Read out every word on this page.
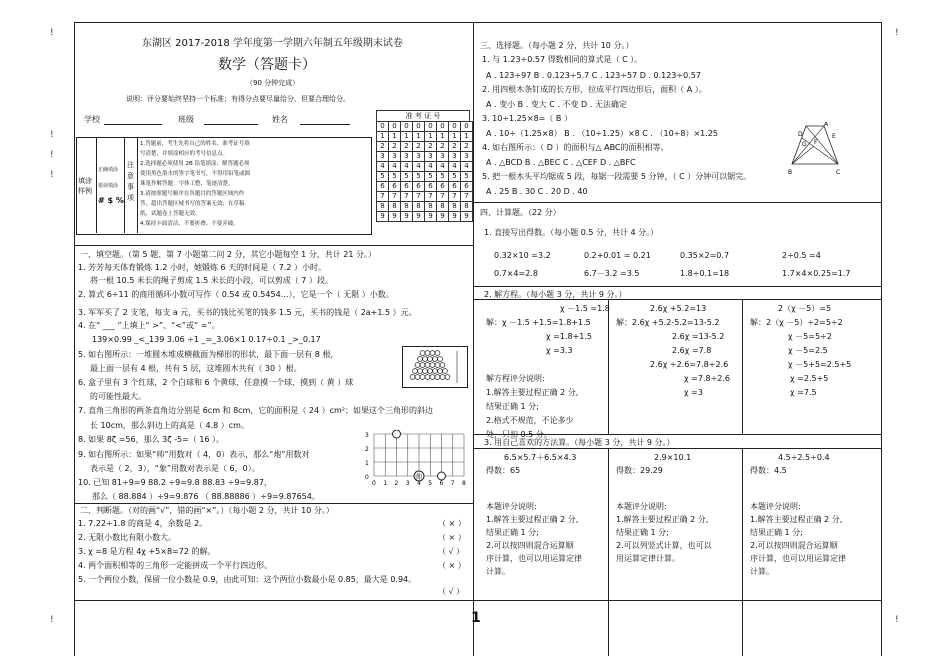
!
!
!
!
!
!
!
东湖区 2017-2018 学年度第一学期六年制五年级期末试卷
数学（答题卡）
（90 分钟完成）
说明：评分要始终坚持一个标准；有得分点要尽量给分，但要合理给分。
学校	班级	姓名	准 考 证 号
0	0	0	0	0	0	0	0
1	1	1	1	1	1	1	1
2	2	2	2	2	2	2	2
3	3	3	3	3	3	3	3
4	4	4	4	4	4	4	4
5	5	5	5	5	5	5	5
6	6	6	6	6	6	6	6
7	7	7	7	7	7	7	7
8	8	8	8	8	8	8	8
9	9	9	9	9	9	9	9
填涂
样例
正确填涂
错误填涂
# $ %
注意事项
一、填空题。（第 5 题、第 7 小题第二问 2 分，其它小题每空 1 分，共计 21 分。）
帅
3
2
1
0
0 1 2 3 4 5 6 7 8
二、判断题。（对的画“√”，错的画“×”。）（每小题 2 分，共计 10 分。）
三、选择题。（每小题 2 分，共计 10 分。）
A
D
G
E
F
B	C
四、计算题。（22 分）
1. 直接写出得数。（每小题 0.5 分，共计 4 分。）
2. 解方程。（每小题 3 分，共计 9 分。）
3. 用自己喜欢的方法算。（每小题 3 分，共计 9 分。）
1
1.答题前，考生先将自己的姓名、准考证号填
写清楚，并填涂相应的考号信息点。
2.选择题必须使用 2B 铅笔填涂；解答题必须
使用黑色墨水的签字笔书写，不得用铅笔或圆
珠笔作解答题：字体工整、笔迹清楚。
3.请按照题号顺序在各题目的答题区域内作
答，超出答题区域书写的答案无效；在草稿
纸、试题卷上答题无效。
4.保持卡面清洁，不要折叠、不要弄破。
1. 芳芳每天体育锻炼 1.2 小时，她锻炼 6 天的时间是（ 7.2 ）小时。
将一根 10.5 米长的绳子剪成 1.5 米长的小段，可以剪成（ 7 ）段。
2. 算式 6÷11 的商用循环小数可写作（ 0.54 或 0.5454…），它是一个（ 无限 ）小数。
3. 军军买了 2 支笔，每支 a 元，买书的钱比买笔的钱多 1.5 元，买书的钱是（ 2a+1.5 ）元。
4. 在“ ___ ”上填上“ >”、“<”或“ =”。
139×0.99 _<_139 3.06 ÷1 _=_3.06×1 0.17÷0.1 _>_0.17
5. 如右图所示：一堆圆木堆成横截面为梯形的形状，最下面一层有 8 根，
最上面一层有 4 根，共有 5 层，这堆圆木共有（ 30 ）根。
6. 盒子里有 3 个红球，2 个白球和 6 个黄球，任意摸一个球，摸到（ 黄 ）球
的可能性最大。
7. 直角三角形的两条直角边分别是 6cm 和 8cm，它的面积是（ 24 ）cm²；如果这个三角形的斜边
长 10cm，那么斜边上的高是（ 4.8 ）cm。
8. 如果 8ζ =56，那么 3ζ -5=（ 16 ）。
9. 如右图所示：如果“帅”用数对（ 4，0）表示，那么“炮”用数对
表示是（ 2，3），“象”用数对表示是（ 6，0）。
10. 已知 81÷9=9 88.2 ÷9=9.8 88.83 ÷9=9.87，
那么（ 88.884 ）÷9=9.876 （ 88.88886 ）÷9=9.87654。
1. 7.22÷1.8 的商是 4，余数是 2。	（ × ）
2. 无限小数比有限小数大。	（ × ）
3. χ =8 是方程 4χ +5×8=72 的解。	（ √ ）
4. 两个面积相等的三角形一定能拼成一个平行四边形。	（ × ）
5. 一个两位小数，保留一位小数是 0.9，由此可知：这个两位小数最小是 0.85，最大是 0.94。
（ √ ）
1. 与 1.23÷0.57 得数相同的算式是（ C ）。
A . 123÷97 B . 0.123÷5.7 C . 123÷57 D . 0.123÷0.57
2. 用四根木条钉成的长方形，拉成平行四边形后，面积（ A ）。
A . 变小 B . 变大 C . 不变 D . 无法确定
3. 10÷1.25×8=（ B ）
A . 10÷（1.25×8） B . （10÷1.25）×8 C . （10÷8）×1.25
4. 如右图所示：（ D ）的面积与△ ABC的面积相等。
A . △BCD B . △BEC C . △CEF D . △BFC
5. 把一根木头平均锯成 5 段，每锯一段需要 5 分钟，（ C ）分钟可以锯完。
A . 25 B . 30 C . 20 D . 40
0.32×10 =3.2	0.2+0.01 = 0.21	0.35×2=0.7	2÷0.5 =4
0.7×4=2.8	6.7－3.2 =3.5	1.8÷0.1=18	1.7×4×0.25=1.7
χ －1.5 =1.8
解：χ －1.5 +1.5=1.8+1.5
χ =1.8+1.5
χ =3.3
解方程评分说明:
1.解答主要过程正确 2 分,
结果正确 1 分;
2.格式不规范，不论多少
处，只扣 0.5 分。
2.6χ +5.2=13
解：2.6χ +5.2-5.2=13-5.2
2.6χ =13-5.2
2.6χ =7.8
2.6χ ÷2.6=7.8÷2.6
χ =7.8÷2.6
χ =3
2（χ －5）=5
解：2（χ －5）÷2=5÷2
χ －5=5÷2
χ －5=2.5
χ －5+5=2.5+5
χ =2.5+5
χ =7.5
6.5×5.7＋6.5×4.3
得数：65
本题评分说明:
1.解答主要过程正确 2 分,
结果正确 1 分;
2.可以按四则混合运算顺
序计算，也可以用运算定律
计算。
2.9×10.1
得数：29.29
本题评分说明:
1.解答主要过程正确 2 分,
结果正确 1 分;
2.可以列竖式计算，也可以
用运算定律计算。
4.5÷2.5÷0.4
得数：4.5
本题评分说明:
1.解答主要过程正确 2 分,
结果正确 1 分;
2.可以按四则混合运算顺
序计算，也可以用运算定律
计算。
